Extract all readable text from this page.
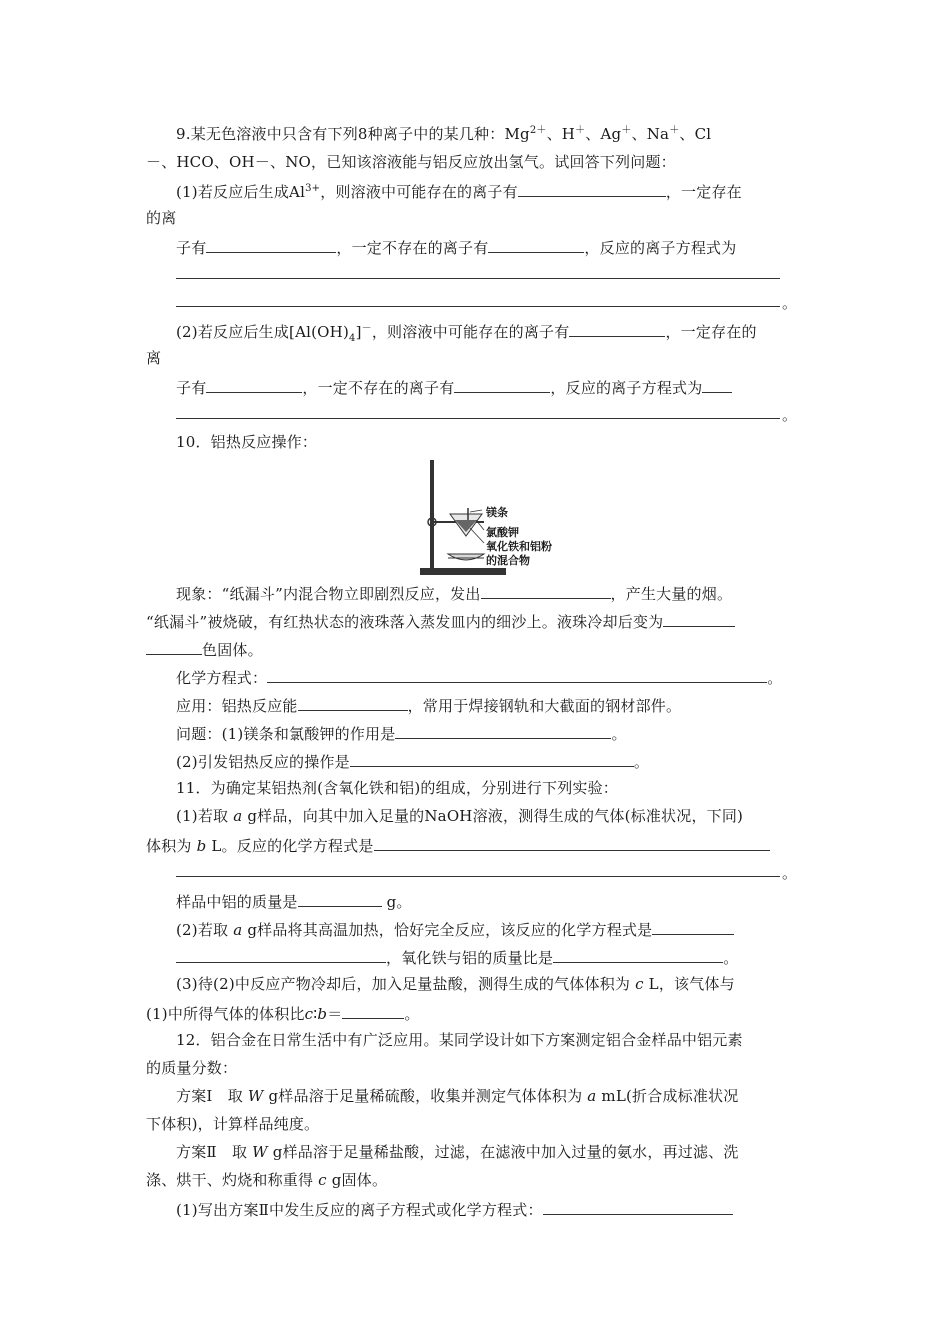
9.某无色溶液中只含有下列8种离子中的某几种：$Mg^{2+}$、H＋、Ag＋、Na＋、Cl
－、HCO、OH－、NO，已知该溶液能与铝反应放出氢气。试回答下列问题：
(1)若反应后生成$Al^{3+}$，则溶液中可能存在的离子有	，一定存在
的离
子有	，一定不存在的离子有	，反应的离子方程式为
。
(2)若反应后生成$[Al(OH)_4]^-$，则溶液中可能存在的离子有	，一定存在的
离
子有	，一定不存在的离子有	，反应的离子方程式为
。
10．铝热反应操作：
镁条
氯酸钾
氧化铁和铝粉
的混合物
现象：“纸漏斗”内混合物立即剧烈反应，发出	，产生大量的烟。
“纸漏斗”被烧破，有红热状态的液珠落入蒸发皿内的细沙上。液珠冷却后变为
色固体。
化学方程式：	。
应用：铝热反应能	，常用于焊接钢轨和大截面的钢材部件。
问题：(1)镁条和氯酸钾的作用是	。
(2)引发铝热反应的操作是	。
11．为确定某铝热剂(含氧化铁和铝)的组成，分别进行下列实验：
(1)若取 a g样品，向其中加入足量的NaOH溶液，测得生成的气体(标准状况，下同)
体积为 b L。反应的化学方程式是
。
样品中铝的质量是	g。
(2)若取 a g样品将其高温加热，恰好完全反应，该反应的化学方程式是
，氧化铁与铝的质量比是	。
(3)待(2)中反应产物冷却后，加入足量盐酸，测得生成的气体体积为 c L，该气体与
(1)中所得气体的体积比c∶b＝	。
12．铝合金在日常生活中有广泛应用。某同学设计如下方案测定铝合金样品中铝元素
的质量分数：
方案Ⅰ　取 W g样品溶于足量稀硫酸，收集并测定气体体积为 a mL(折合成标准状况
下体积)，计算样品纯度。
方案Ⅱ　取 W g样品溶于足量稀盐酸，过滤，在滤液中加入过量的氨水，再过滤、洗
涤、烘干、灼烧和称重得 c g固体。
(1)写出方案Ⅱ中发生反应的离子方程式或化学方程式：
